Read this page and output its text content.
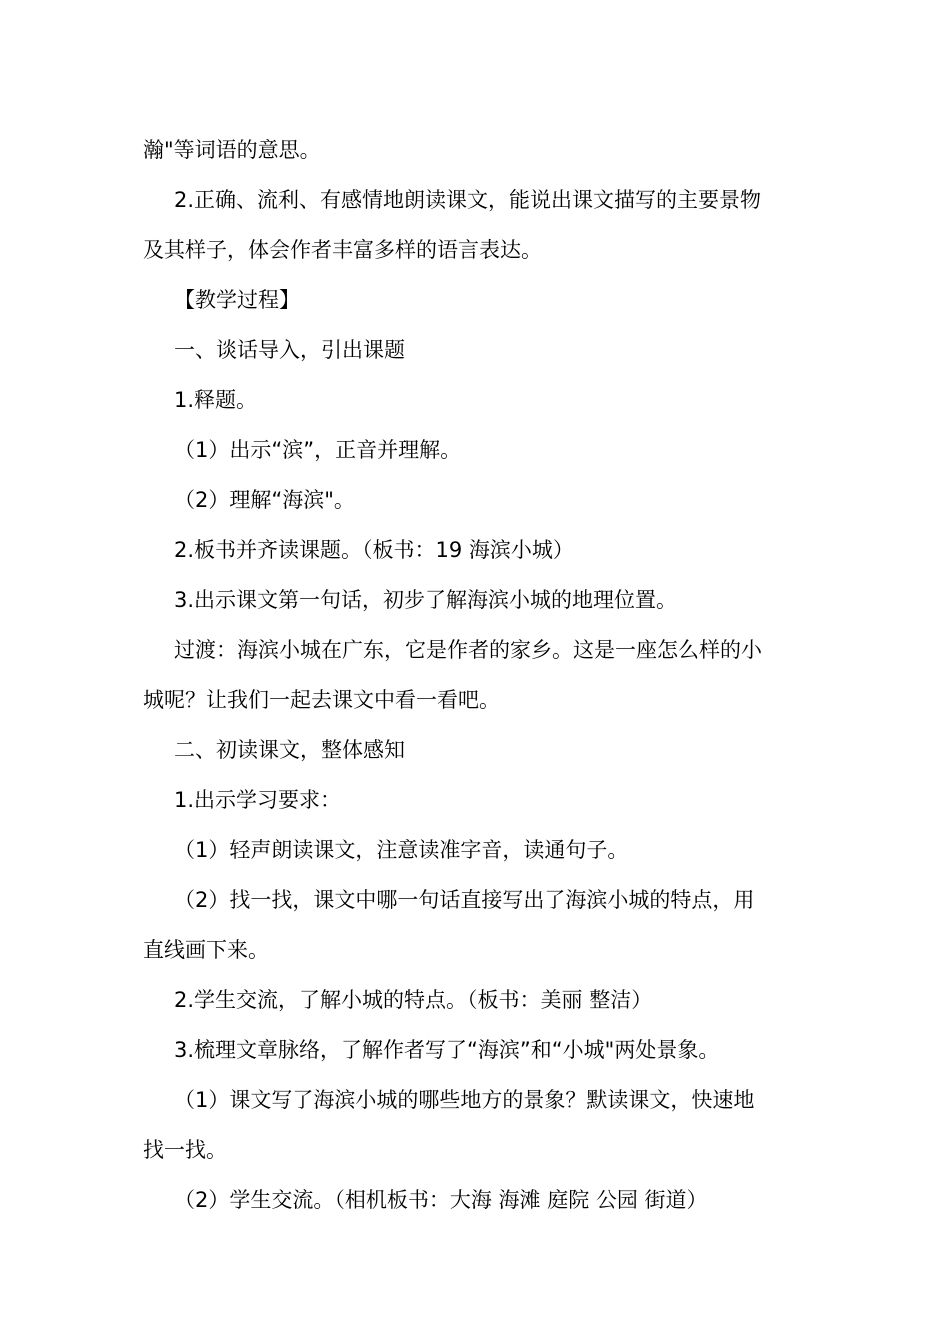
瀚"等词语的意思。
2.正确、流利、有感情地朗读课文，能说出课文描写的主要景物
及其样子，体会作者丰富多样的语言表达。
【教学过程】
一、谈话导入，引出课题
1.释题。
（1）出示“滨”，正音并理解。
（2）理解“海滨"。
2.板书并齐读课题。（板书：19 海滨小城）
3.出示课文第一句话，初步了解海滨小城的地理位置。
过渡：海滨小城在广东，它是作者的家乡。这是一座怎么样的小
城呢？让我们一起去课文中看一看吧。
二、初读课文，整体感知
1.出示学习要求：
（1）轻声朗读课文，注意读准字音，读通句子。
（2）找一找，课文中哪一句话直接写出了海滨小城的特点，用
直线画下来。
2.学生交流，了解小城的特点。（板书：美丽 整洁）
3.梳理文章脉络，了解作者写了“海滨”和“小城"两处景象。
（1）课文写了海滨小城的哪些地方的景象？默读课文，快速地
找一找。
（2）学生交流。（相机板书：大海 海滩 庭院 公园 街道）
